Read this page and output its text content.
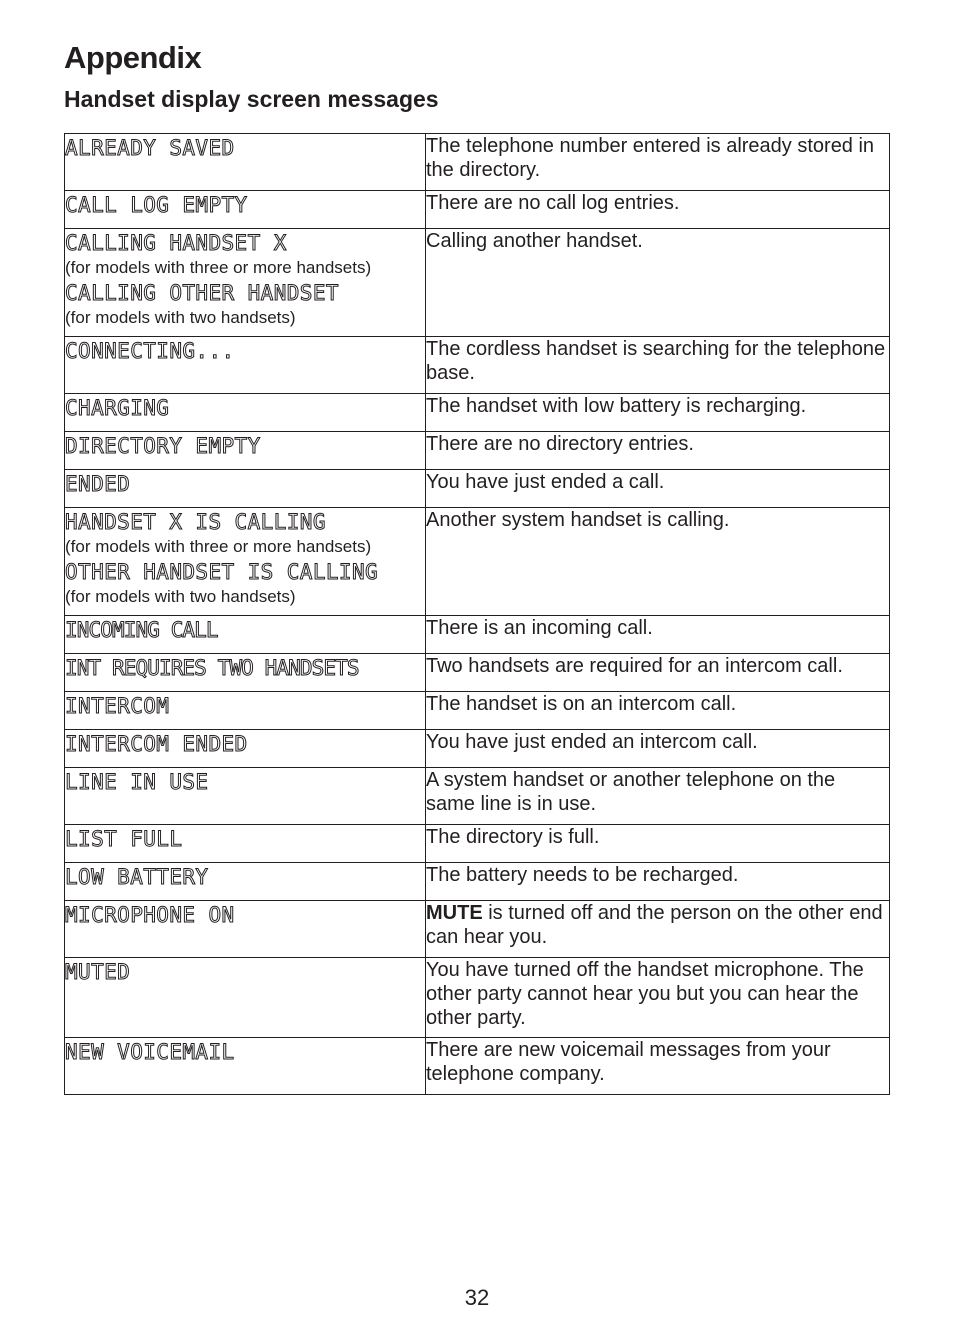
Appendix
Handset display screen messages
ALREADY SAVED	The telephone number entered is already stored in the directory.

CALL LOG EMPTY	There are no call log entries.

CALLING HANDSET X
(for models with three or more handsets)
CALLING OTHER HANDSET
(for models with two handsets)	Calling another handset.

CONNECTING...	The cordless handset is searching for the telephone base.

CHARGING	The handset with low battery is recharging.

DIRECTORY EMPTY	There are no directory entries.

ENDED	You have just ended a call.

HANDSET X IS CALLING
(for models with three or more handsets)
OTHER HANDSET IS CALLING
(for models with two handsets)	Another system handset is calling.

INCOMING CALL	There is an incoming call.

INT REQUIRES TWO HANDSETS	Two handsets are required for an intercom call.

INTERCOM	The handset is on an intercom call.

INTERCOM ENDED	You have just ended an intercom call.

LINE IN USE	A system handset or another telephone on the same line is in use.

LIST FULL	The directory is full.

LOW BATTERY	The battery needs to be recharged.

MICROPHONE ON	MUTE is turned off and the person on the other end can hear you.

MUTED	You have turned off the handset microphone. The other party cannot hear you but you can hear the other party.

NEW VOICEMAIL	There are new voicemail messages from your telephone company.
32
